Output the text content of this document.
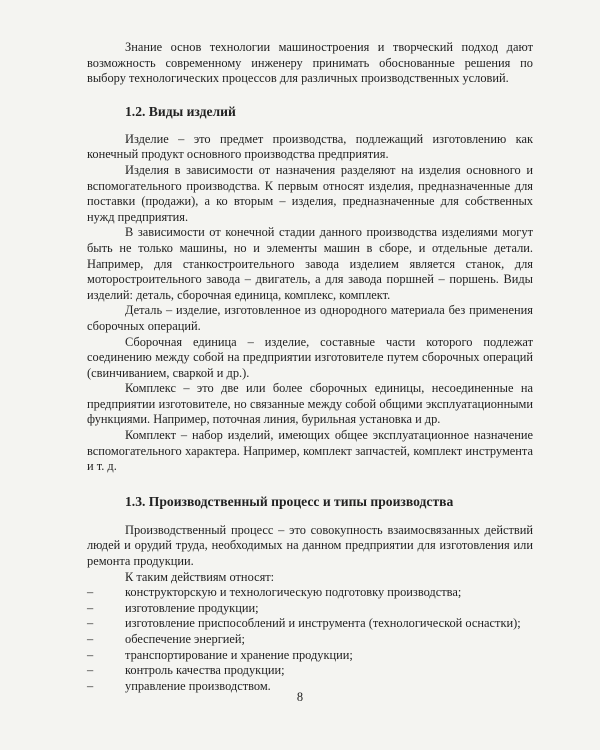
Знание основ технологии машиностроения и творческий подход дают возможность современному инженеру принимать обоснованные решения по выбору технологических процессов для различных производственных условий.

1.2. Виды изделий

Изделие – это предмет производства, подлежащий изготовлению как конечный продукт основного производства предприятия.

Изделия в зависимости от назначения разделяют на изделия основного и вспомогательного производства. К первым относят изделия, предназначенные для поставки (продажи), а ко вторым – изделия, предназначенные для собственных нужд предприятия.

В зависимости от конечной стадии данного производства изделиями могут быть не только машины, но и элементы машин в сборе, и отдельные детали. Например, для станкостроительного завода изделием является станок, для моторостроительного завода – двигатель, а для завода поршней – поршень. Виды изделий: деталь, сборочная единица, комплекс, комплект.

Деталь – изделие, изготовленное из однородного материала без применения сборочных операций.

Сборочная единица – изделие, составные части которого подлежат соединению между собой на предприятии изготовителе путем сборочных операций (свинчиванием, сваркой и др.).

Комплекс – это две или более сборочных единицы, несоединенные на предприятии изготовителе, но связанные между собой общими эксплуатационными функциями. Например, поточная линия, бурильная установка и др.

Комплект – набор изделий, имеющих общее эксплуатационное назначение вспомогательного характера. Например, комплект запчастей, комплект инструмента и т. д.

1.3. Производственный процесс и типы производства

Производственный процесс – это совокупность взаимосвязанных действий людей и орудий труда, необходимых на данном предприятии для изготовления или ремонта продукции.

К таким действиям относят:

–	конструкторскую и технологическую подготовку производства;
–	изготовление продукции;
–	изготовление приспособлений и инструмента (технологической оснастки);
–	обеспечение энергией;
–	транспортирование и хранение продукции;
–	контроль качества продукции;
–	управление производством.
8
